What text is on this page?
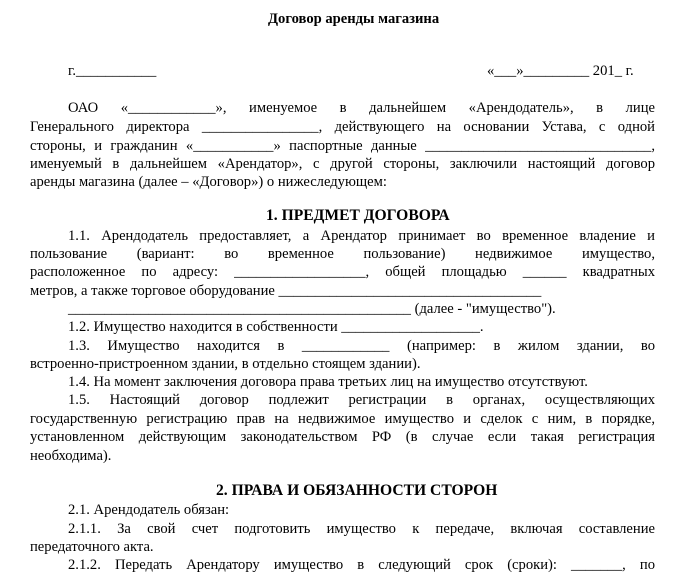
Договор аренды магазина
г.___________	«___»_________ 201_ г.
ОАО «____________», именуемое в дальнейшем «Арендодатель», в лице
Генерального директора ________________, действующего на основании Устава, с одной
стороны, и гражданин «___________» паспортные данные _______________________________,
именуемый в дальнейшем «Арендатор», с другой стороны, заключили настоящий договор
аренды магазина (далее – «Договор») о нижеследующем:
1. ПРЕДМЕТ ДОГОВОРА
1.1. Арендодатель предоставляет, а Арендатор принимает во временное владение и
пользование (вариант: во временное пользование) недвижимое имущество,
расположенное по адресу: __________________, общей площадью ______ квадратных
метров, а также торговое оборудование ____________________________________
_______________________________________________ (далее - "имущество").
1.2. Имущество находится в собственности ___________________.
1.3. Имущество находится в ____________ (например: в жилом здании, во
встроенно-пристроенном здании, в отдельно стоящем здании).
1.4. На момент заключения договора права третьих лиц на имущество отсутствуют.
1.5. Настоящий договор подлежит регистрации в органах, осуществляющих
государственную регистрацию прав на недвижимое имущество и сделок с ним, в порядке,
установленном действующим законодательством РФ (в случае если такая регистрация
необходима).
2. ПРАВА И ОБЯЗАННОСТИ СТОРОН
2.1. Арендодатель обязан:
2.1.1. За свой счет подготовить имущество к передаче, включая составление
передаточного акта.
2.1.2. Передать Арендатору имущество в следующий срок (сроки): _______, по
